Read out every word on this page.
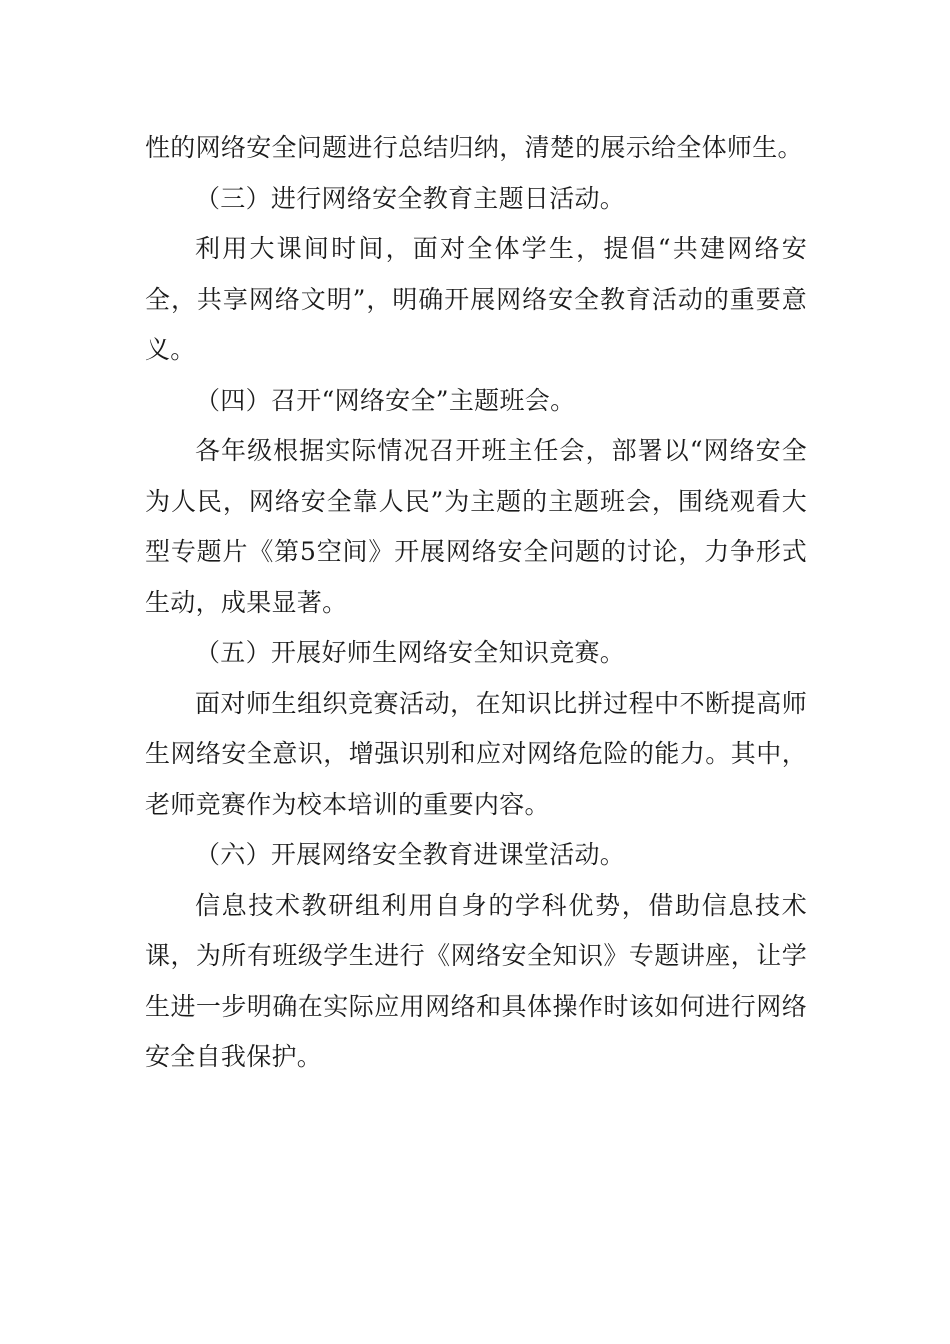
性的网络安全问题进行总结归纳，清楚的展示给全体师生。

（三）进行网络安全教育主题日活动。

利用大课间时间，面对全体学生，提倡“共建网络安全，共享网络文明”，明确开展网络安全教育活动的重要意义。

（四）召开“网络安全”主题班会。

各年级根据实际情况召开班主任会，部署以“网络安全为人民，网络安全靠人民”为主题的主题班会，围绕观看大型专题片《第5空间》开展网络安全问题的讨论，力争形式生动，成果显著。

（五）开展好师生网络安全知识竞赛。

面对师生组织竞赛活动，在知识比拼过程中不断提高师生网络安全意识，增强识别和应对网络危险的能力。其中，老师竞赛作为校本培训的重要内容。

（六）开展网络安全教育进课堂活动。

信息技术教研组利用自身的学科优势，借助信息技术课，为所有班级学生进行《网络安全知识》专题讲座，让学生进一步明确在实际应用网络和具体操作时该如何进行网络安全自我保护。
